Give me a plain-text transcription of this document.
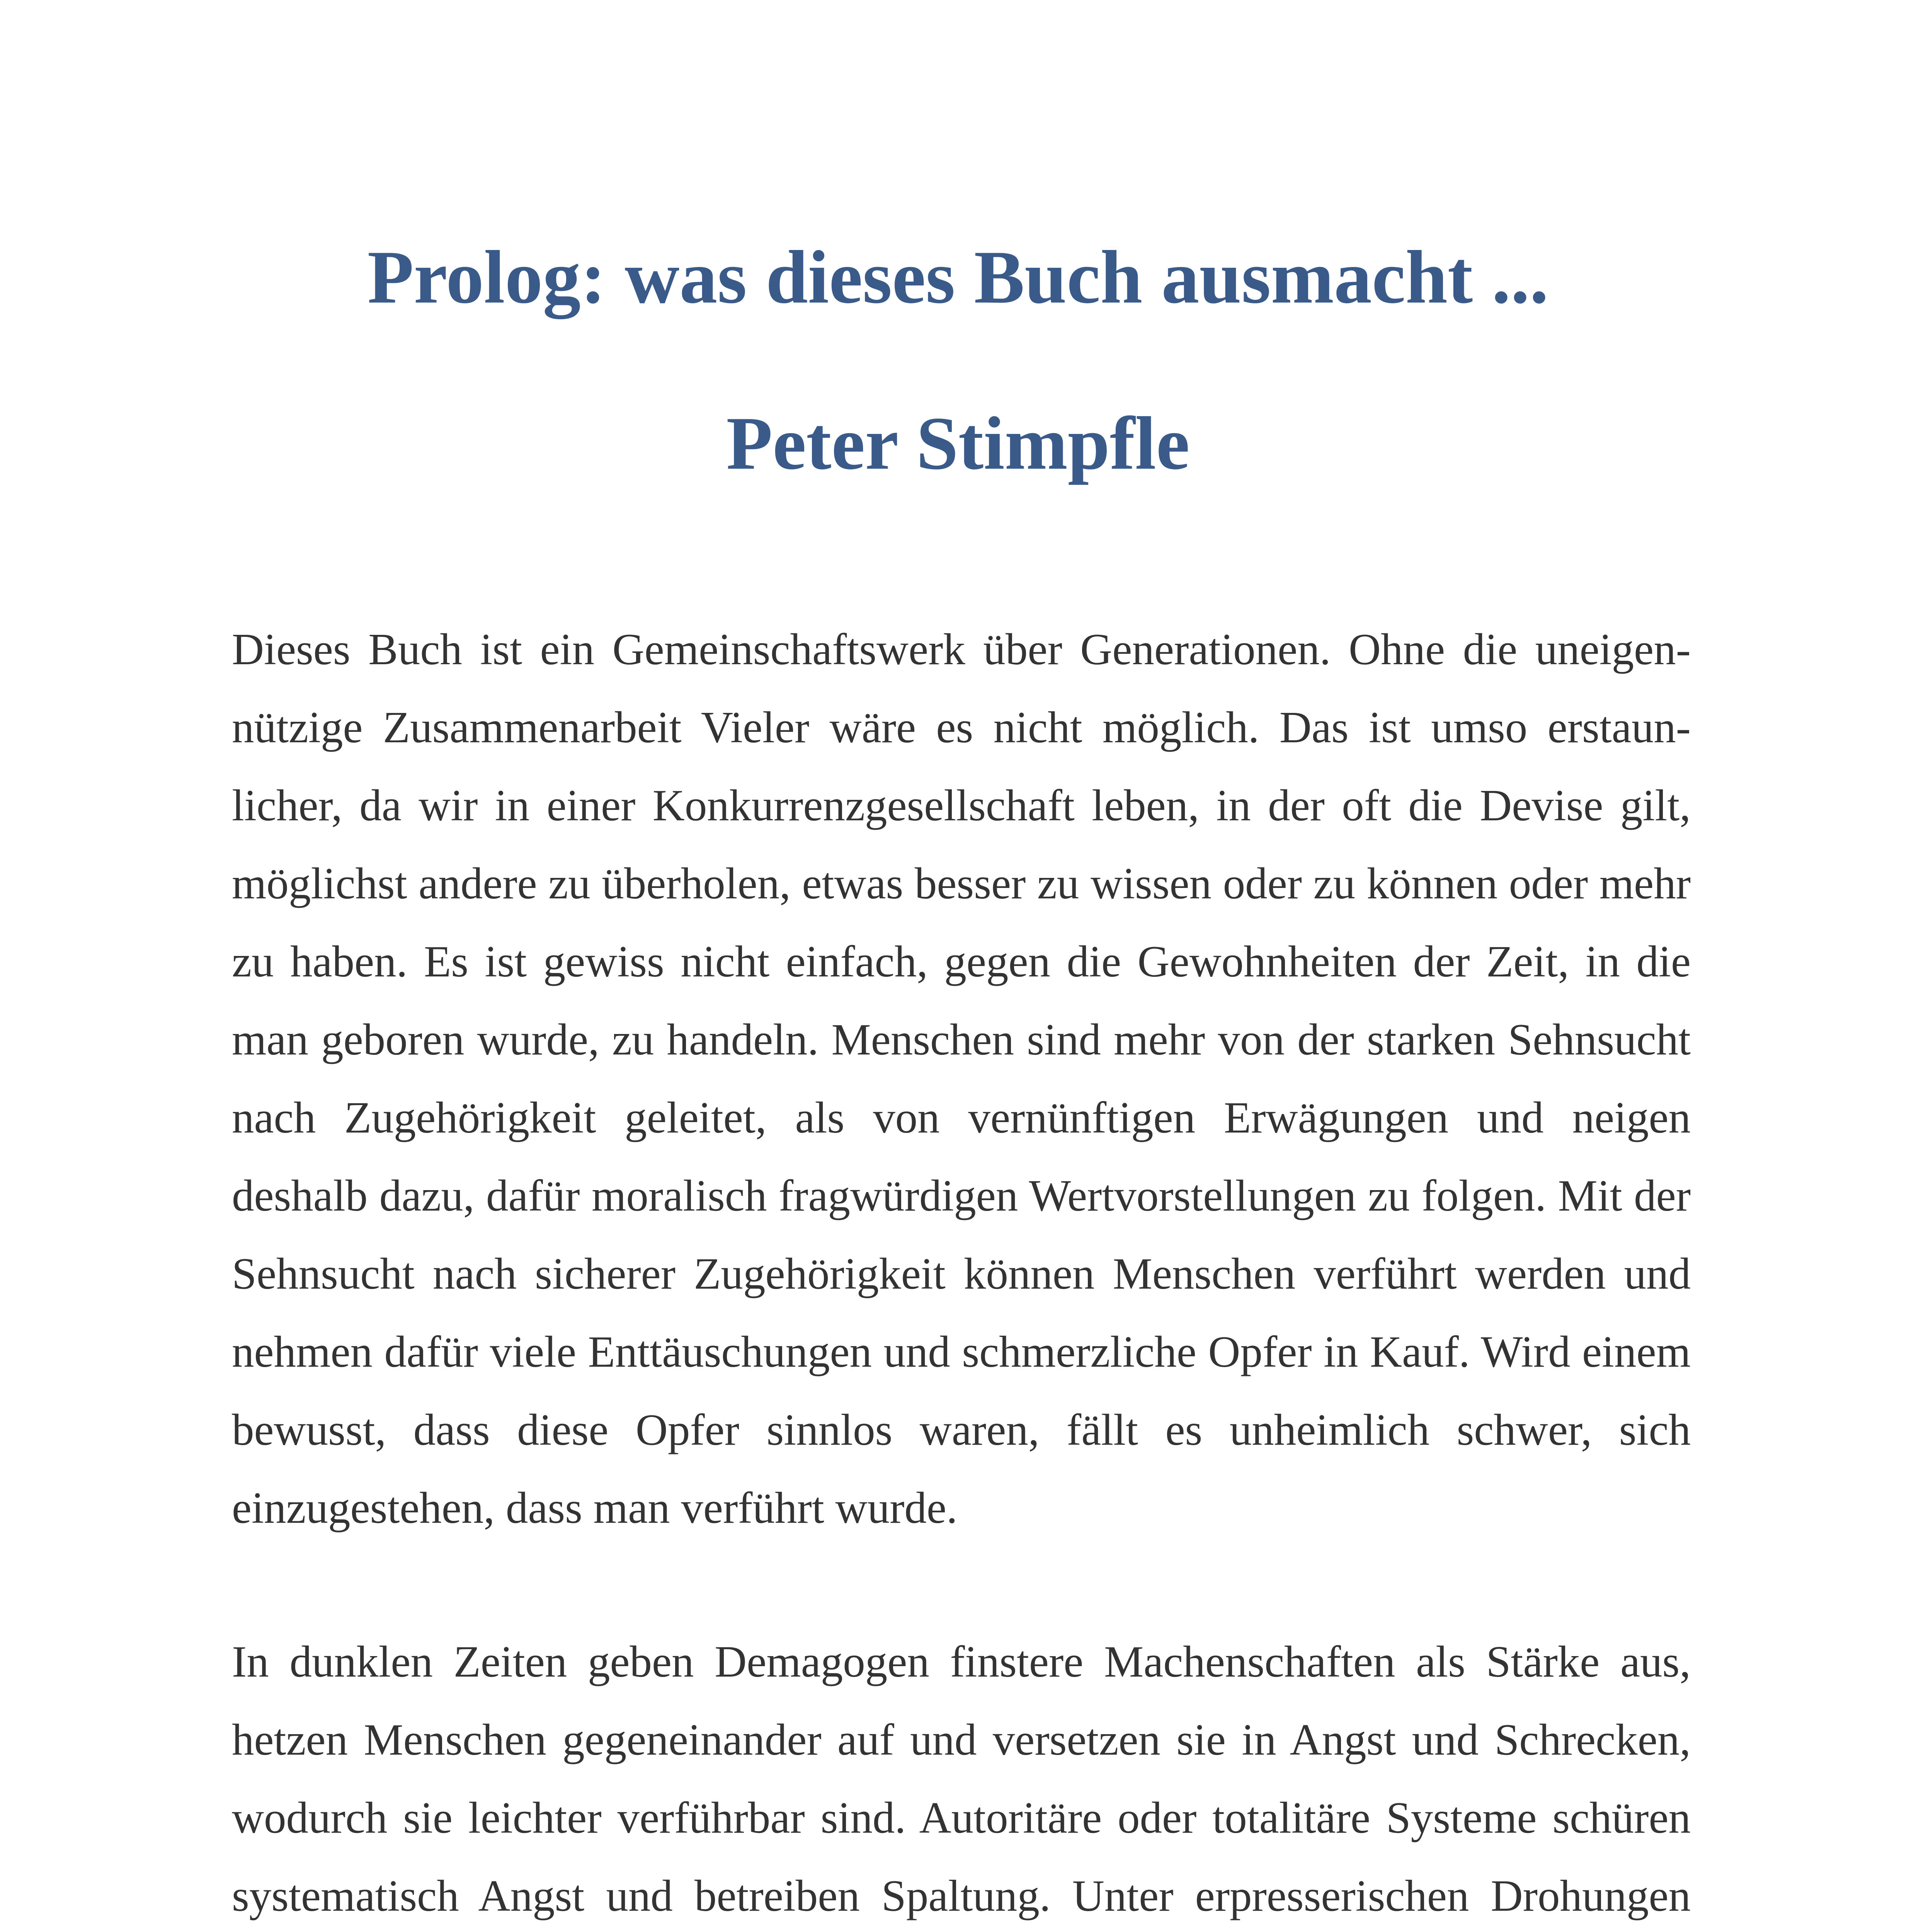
Prolog: was dieses Buch ausmacht ...
Peter Stimpfle

Dieses Buch ist ein Gemeinschaftswerk über Generationen. Ohne die uneigennützige Zusammenarbeit Vieler wäre es nicht möglich. Das ist umso erstaunlicher, da wir in einer Konkurrenzgesellschaft leben, in der oft die Devise gilt, möglichst andere zu überholen, etwas besser zu wissen oder zu können oder mehr zu haben. Es ist gewiss nicht einfach, gegen die Gewohnheiten der Zeit, in die man geboren wurde, zu handeln. Menschen sind mehr von der starken Sehnsucht nach Zugehörigkeit geleitet, als von vernünftigen Erwägungen und neigen deshalb dazu, dafür moralisch fragwürdigen Wertvorstellungen zu folgen. Mit der Sehnsucht nach sicherer Zugehörigkeit können Menschen verführt werden und nehmen dafür viele Enttäuschungen und schmerzliche Opfer in Kauf. Wird einem bewusst, dass diese Opfer sinnlos waren, fällt es unheimlich schwer, sich einzugestehen, dass man verführt wurde.

In dunklen Zeiten geben Demagogen finstere Machenschaften als Stärke aus, hetzen Menschen gegeneinander auf und versetzen sie in Angst und Schrecken, wodurch sie leichter verführbar sind. Autoritäre oder totalitäre Systeme schüren systematisch Angst und betreiben Spaltung. Unter erpresserischen Drohungen
